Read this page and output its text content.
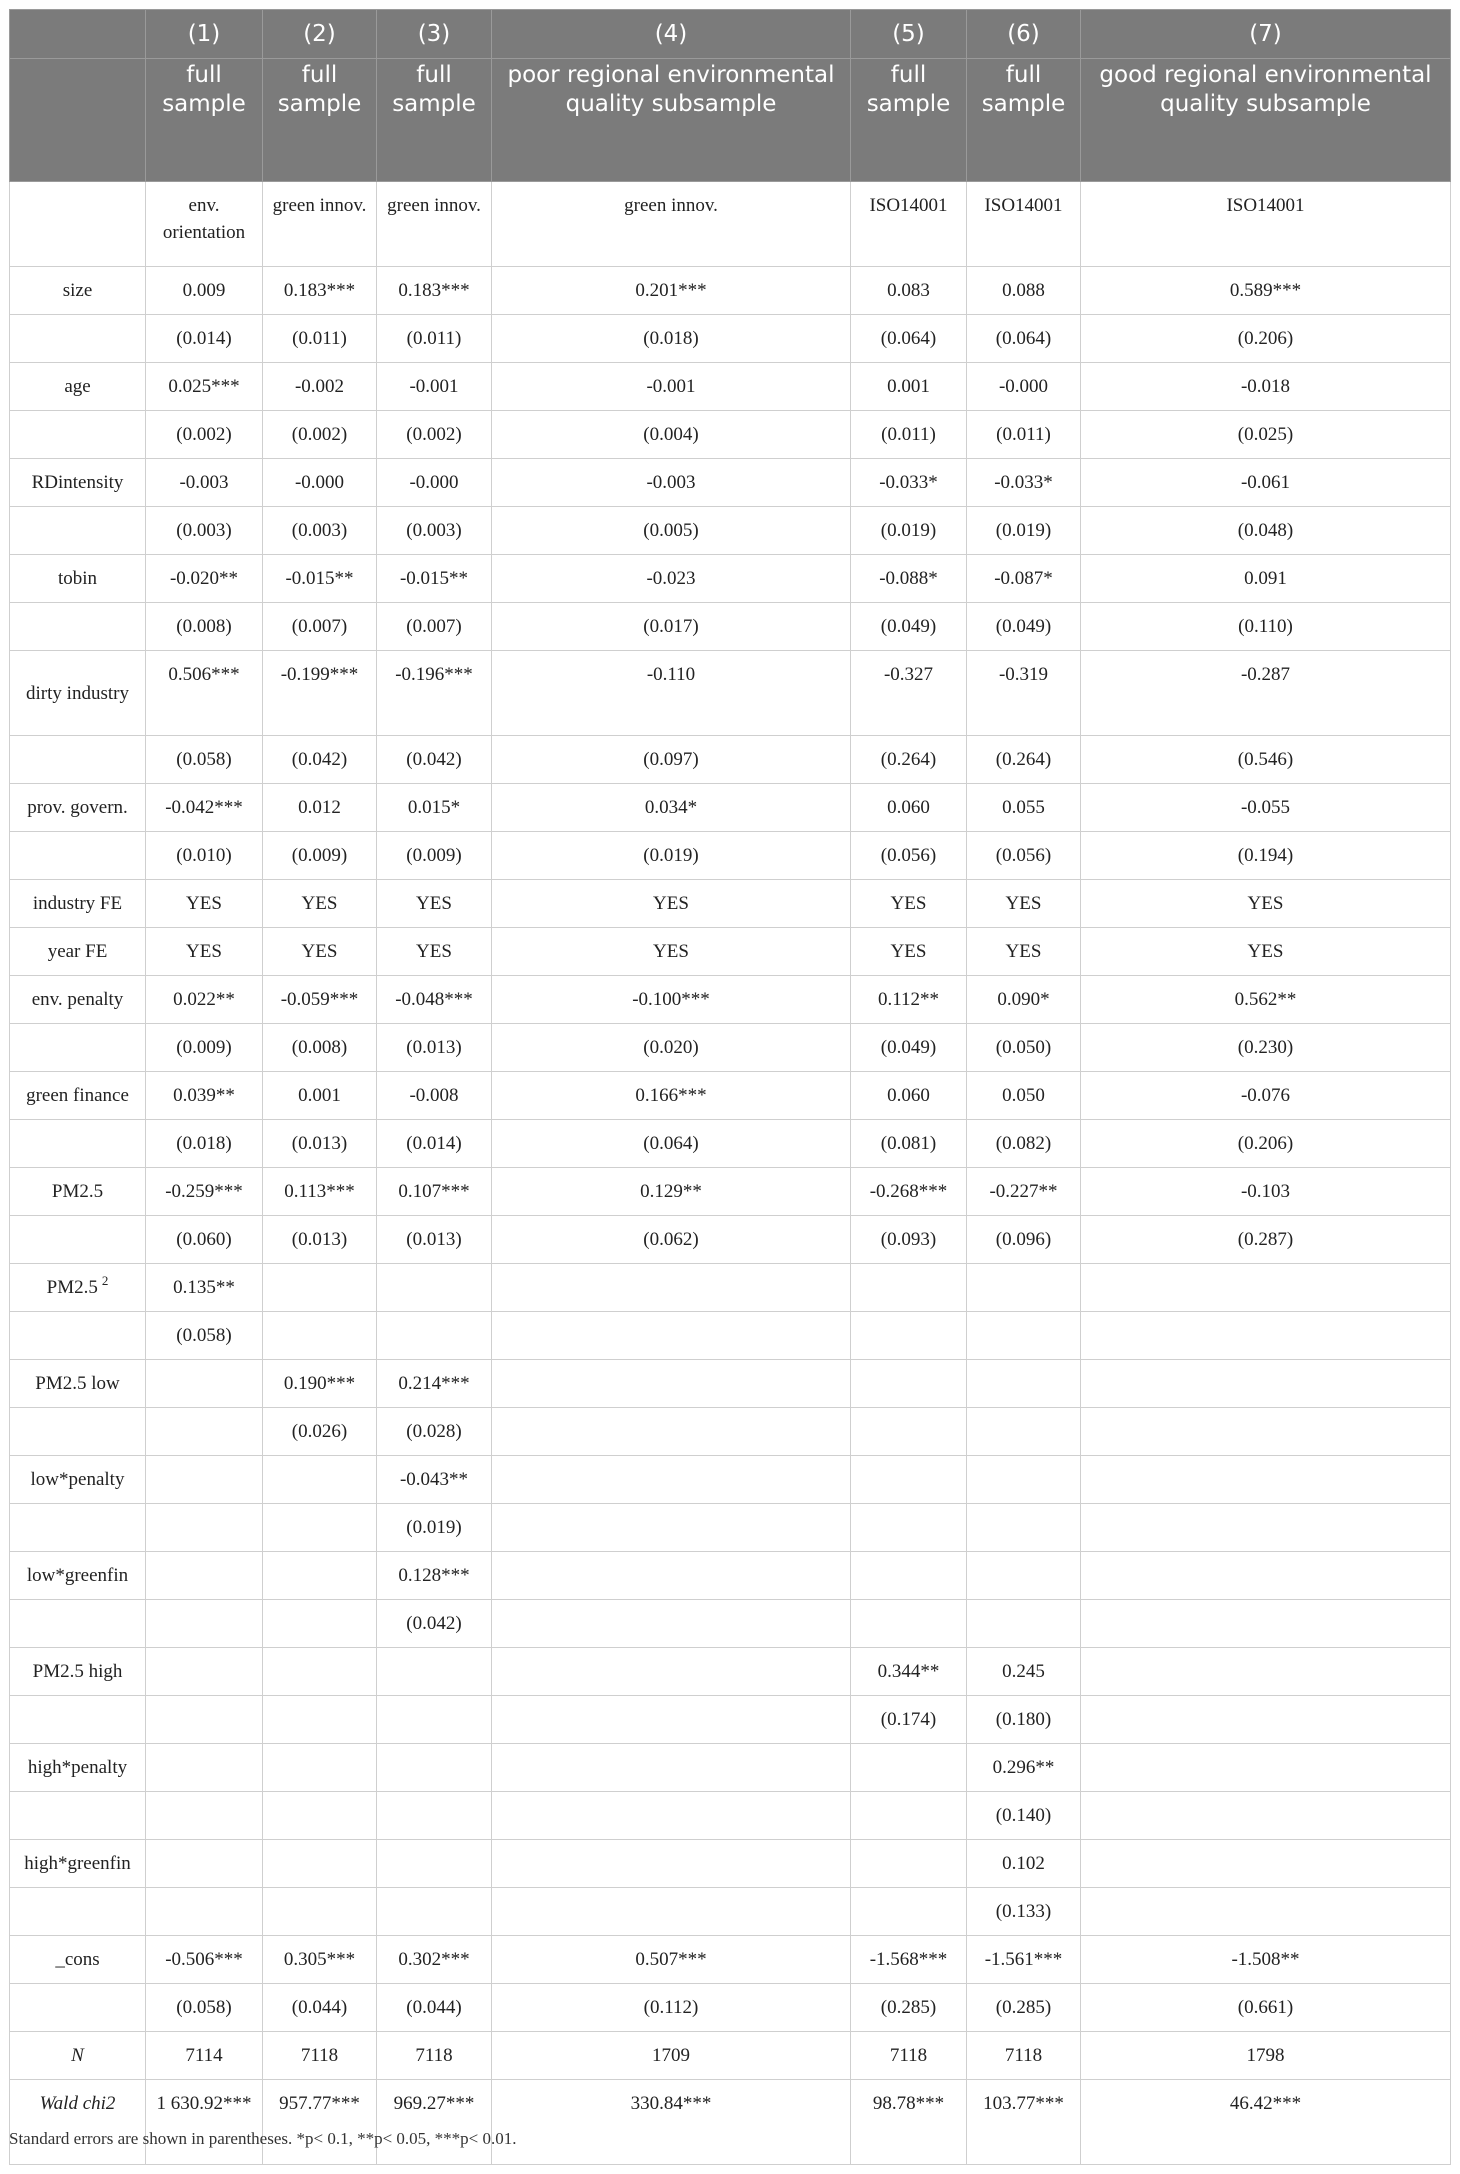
	(1)	(2)	(3)	(4)	(5)	(6)	(7)
	full sample	full sample	full sample	poor regional environmental quality subsample	full sample	full sample	good regional environmental quality subsample
	env. orientation	green innov.	green innov.	green innov.	ISO14001	ISO14001	ISO14001
size	0.009	0.183***	0.183***	0.201***	0.083	0.088	0.589***
	(0.014)	(0.011)	(0.011)	(0.018)	(0.064)	(0.064)	(0.206)
age	0.025***	-0.002	-0.001	-0.001	0.001	-0.000	-0.018
	(0.002)	(0.002)	(0.002)	(0.004)	(0.011)	(0.011)	(0.025)
RDintensity	-0.003	-0.000	-0.000	-0.003	-0.033*	-0.033*	-0.061
	(0.003)	(0.003)	(0.003)	(0.005)	(0.019)	(0.019)	(0.048)
tobin	-0.020**	-0.015**	-0.015**	-0.023	-0.088*	-0.087*	0.091
	(0.008)	(0.007)	(0.007)	(0.017)	(0.049)	(0.049)	(0.110)
dirty industry	0.506***	-0.199***	-0.196***	-0.110	-0.327	-0.319	-0.287
	(0.058)	(0.042)	(0.042)	(0.097)	(0.264)	(0.264)	(0.546)
prov. govern.	-0.042***	0.012	0.015*	0.034*	0.060	0.055	-0.055
	(0.010)	(0.009)	(0.009)	(0.019)	(0.056)	(0.056)	(0.194)
industry FE	YES	YES	YES	YES	YES	YES	YES
year FE	YES	YES	YES	YES	YES	YES	YES
env. penalty	0.022**	-0.059***	-0.048***	-0.100***	0.112**	0.090*	0.562**
	(0.009)	(0.008)	(0.013)	(0.020)	(0.049)	(0.050)	(0.230)
green finance	0.039**	0.001	-0.008	0.166***	0.060	0.050	-0.076
	(0.018)	(0.013)	(0.014)	(0.064)	(0.081)	(0.082)	(0.206)
PM2.5	-0.259***	0.113***	0.107***	0.129**	-0.268***	-0.227**	-0.103
	(0.060)	(0.013)	(0.013)	(0.062)	(0.093)	(0.096)	(0.287)
PM2.5 $^2$	0.135**						
	(0.058)						
PM2.5 low		0.190***	0.214***				
		(0.026)	(0.028)				
low*penalty			-0.043**				
			(0.019)				
low*greenfin			0.128***				
			(0.042)				
PM2.5 high					0.344**	0.245	
					(0.174)	(0.180)	
high*penalty						0.296**	
						(0.140)	
high*greenfin						0.102	
						(0.133)	
_cons	-0.506***	0.305***	0.302***	0.507***	-1.568***	-1.561***	-1.508**
	(0.058)	(0.044)	(0.044)	(0.112)	(0.285)	(0.285)	(0.661)
N	7114	7118	7118	1709	7118	7118	1798
Wald chi2	1 630.92***	957.77***	969.27***	330.84***	98.78***	103.77***	46.42***
Standard errors are shown in parentheses. *p< 0.1, **p< 0.05, ***p< 0.01.
